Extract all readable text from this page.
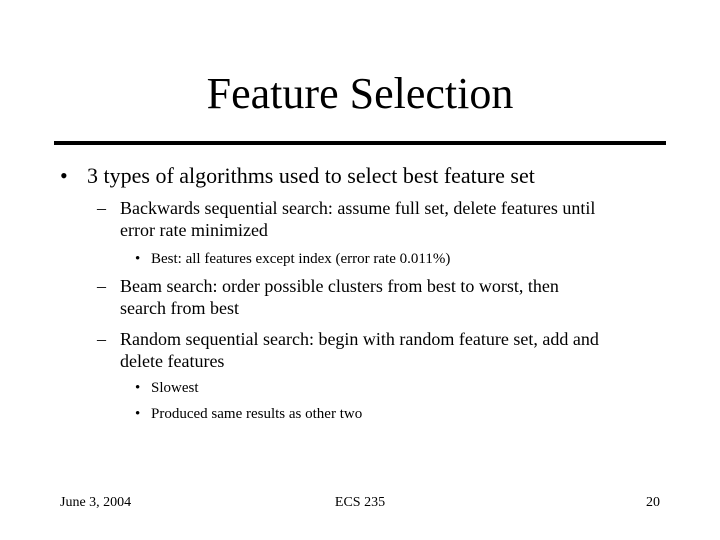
Feature Selection
• 3 types of algorithms used to select best feature set
– Backwards sequential search: assume full set, delete features until
error rate minimized
• Best: all features except index (error rate 0.011%)
– Beam search: order possible clusters from best to worst, then
search from best
– Random sequential search: begin with random feature set, add and
delete features
• Slowest
• Produced same results as other two
June 3, 2004	ECS 235	20
